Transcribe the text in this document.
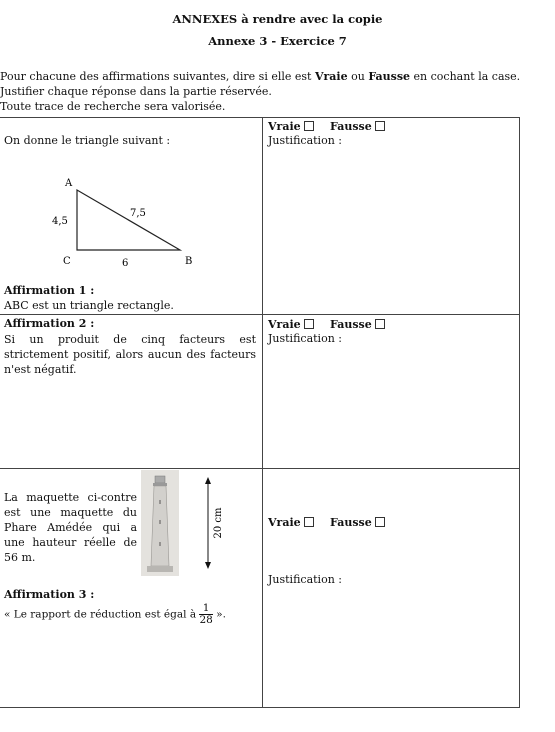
ANNEXES à rendre avec la copie
Annexe 3 - Exercice 7
Pour chacune des affirmations suivantes, dire si elle est Vraie ou Fausse en cochant la case.
Justifier chaque réponse dans la partie réservée.
Toute trace de recherche sera valorisée.
On donne le triangle suivant :
A
B
C
4,5
7,5
6
Affirmation 1 :
ABC est un triangle rectangle.
Vraie	Fausse
Justification :
Affirmation 2 :
Si un produit de cinq facteurs est strictement positif, alors aucun des facteurs n'est négatif.
Vraie	Fausse
Justification :
La maquette ci-contre est une maquette du Phare Amédée qui a une hauteur réelle de 56 m.
20 cm
Affirmation 3 :
« Le rapport de réduction est égal à $\frac{1}{28}$ ».
Vraie	Fausse
Justification :
